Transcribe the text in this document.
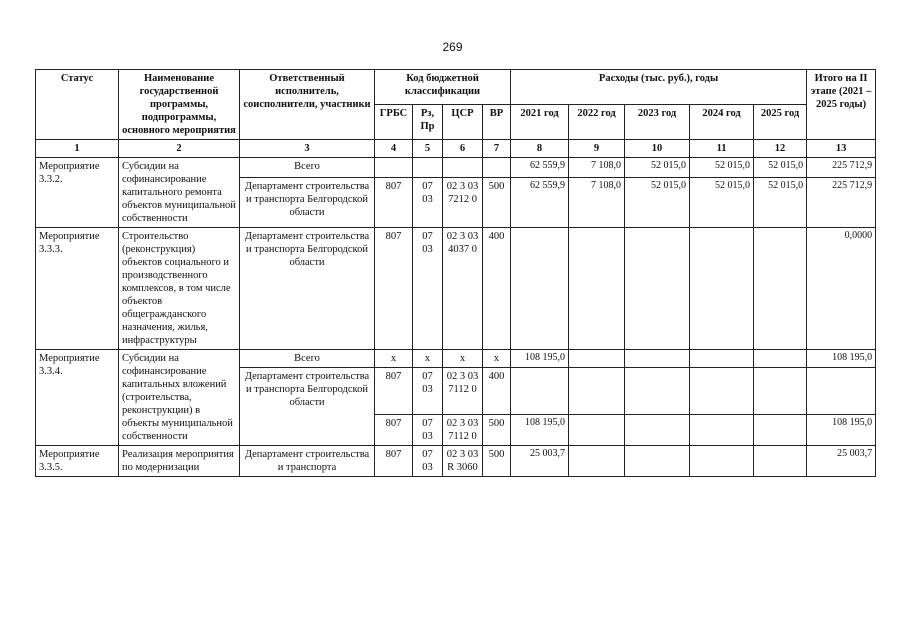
269
Статус	Наименование государственной программы, подпрограммы, основного мероприятия	Ответственный исполнитель, соисполнители, участники	Код бюджетной классификации				Расходы (тыс. руб.), годы					Итого на II этапе (2021 – 2025 годы)
			ГРБС	Рз, Пр	ЦСР	ВР	2021 год	2022 год	2023 год	2024 год	2025 год	
1	2	3	4	5	6	7	8	9	10	11	12	13
Мероприятие 3.3.2.	Субсидии на софинансирование капитального ремонта объектов муниципальной собственности	Всего					62 559,9	7 108,0	52 015,0	52 015,0	52 015,0	225 712,9
		Департамент строительства и транспорта Белгородской области	807	07 03	02 3 03 7212 0	500	62 559,9	7 108,0	52 015,0	52 015,0	52 015,0	225 712,9
Мероприятие 3.3.3.	Строительство (реконструкция) объектов социального и производственного комплексов, в том числе объектов общегражданского назначения, жилья, инфраструктуры	Департамент строительства и транспорта Белгородской области	807	07 03	02 3 03 4037 0	400						0,0000
Мероприятие 3.3.4.	Субсидии на софинансирование капитальных вложений (строительства, реконструкции) в объекты муниципальной собственности	Всего	х	х	х	х	108 195,0					108 195,0
		Департамент строительства и транспорта Белгородской области	807	07 03	02 3 03 7112 0	400						
			807	07 03	02 3 03 7112 0	500	108 195,0					108 195,0
Мероприятие 3.3.5.	Реализация мероприятия по модернизации	Департамент строительства и транспорта	807	07 03	02 3 03 R 3060	500	25 003,7					25 003,7
